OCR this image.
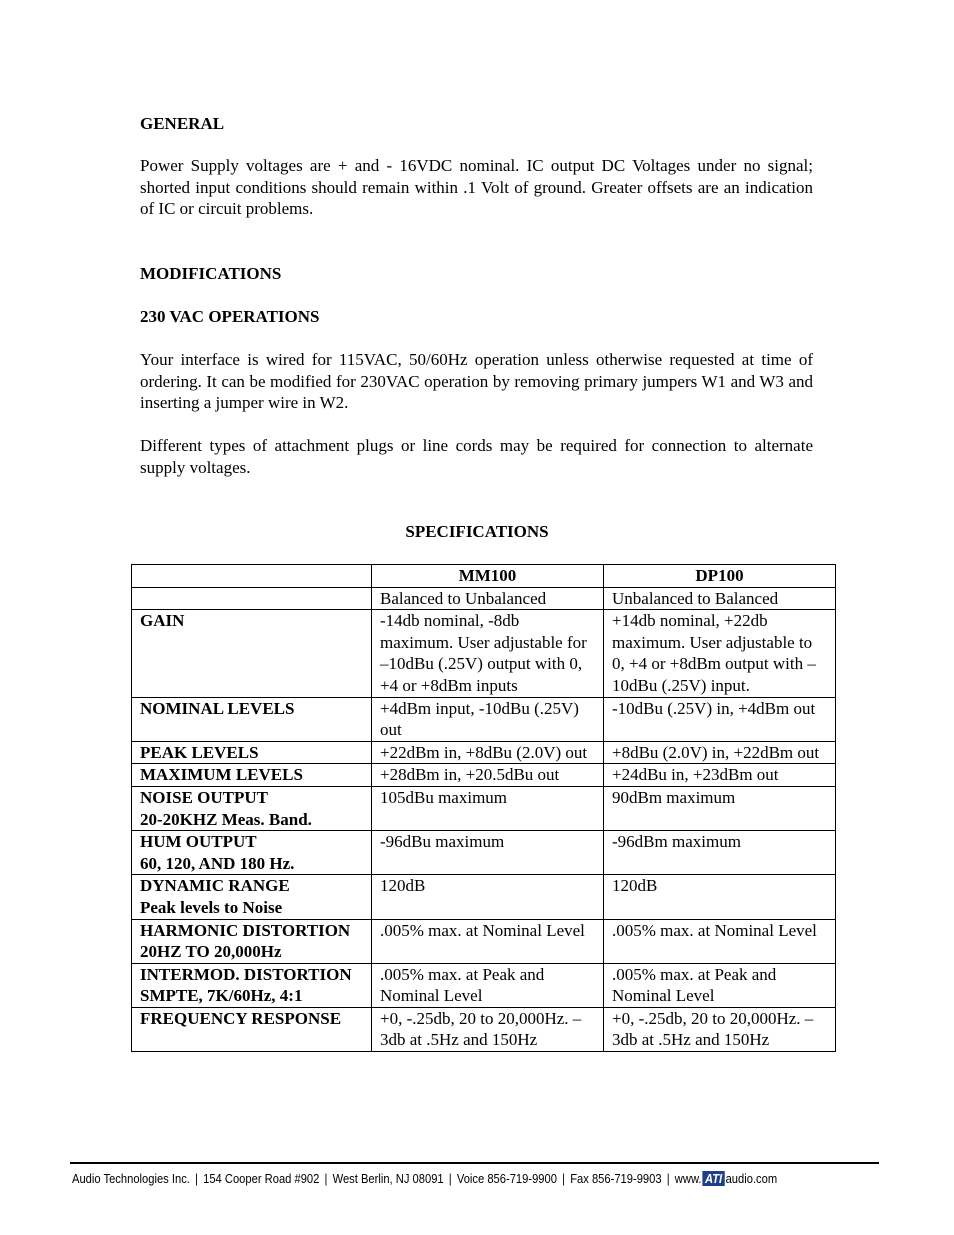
GENERAL

Power Supply voltages are + and - 16VDC nominal. IC output DC Voltages under no signal; shorted input conditions should remain within .1 Volt of ground. Greater offsets are an indication of IC or circuit problems.

MODIFICATIONS
230 VAC OPERATIONS

Your interface is wired for 115VAC, 50/60Hz operation unless otherwise requested at time of ordering. It can be modified for 230VAC operation by removing primary jumpers W1 and W3 and inserting a jumper wire in W2.

Different types of attachment plugs or line cords may be required for connection to alternate supply voltages.

SPECIFICATIONS
	MM100	DP100
	Balanced to Unbalanced	Unbalanced to Balanced
GAIN	-14db nominal, -8db maximum. User adjustable for –10dBu (.25V) output with 0, +4 or +8dBm inputs	+14db nominal, +22db maximum. User adjustable to 0, +4 or +8dBm output with –10dBu (.25V) input.
NOMINAL LEVELS	+4dBm input, -10dBu (.25V) out	-10dBu (.25V) in, +4dBm out
PEAK LEVELS	+22dBm in, +8dBu (2.0V) out	+8dBu (2.0V) in, +22dBm out
MAXIMUM LEVELS	+28dBm in, +20.5dBu out	+24dBu in, +23dBm out
NOISE OUTPUT
20-20KHZ Meas. Band.	105dBu maximum	90dBm maximum
HUM OUTPUT
60, 120, AND 180 Hz.	-96dBu maximum	-96dBm maximum
DYNAMIC RANGE
Peak levels to Noise	120dB	120dB
HARMONIC DISTORTION
20HZ TO 20,000Hz	.005% max. at Nominal Level	.005% max. at Nominal Level
INTERMOD. DISTORTION
SMPTE, 7K/60Hz, 4:1	.005% max. at Peak and Nominal Level	.005% max. at Peak and Nominal Level
FREQUENCY RESPONSE	+0, -.25db, 20 to 20,000Hz. –3db at .5Hz and 150Hz	+0, -.25db, 20 to 20,000Hz. –3db at .5Hz and 150Hz
Audio Technologies Inc. | 154 Cooper Road #902 | West Berlin, NJ 08091 | Voice 856-719-9900 | Fax 856-719-9903 | www. ATI audio.com
